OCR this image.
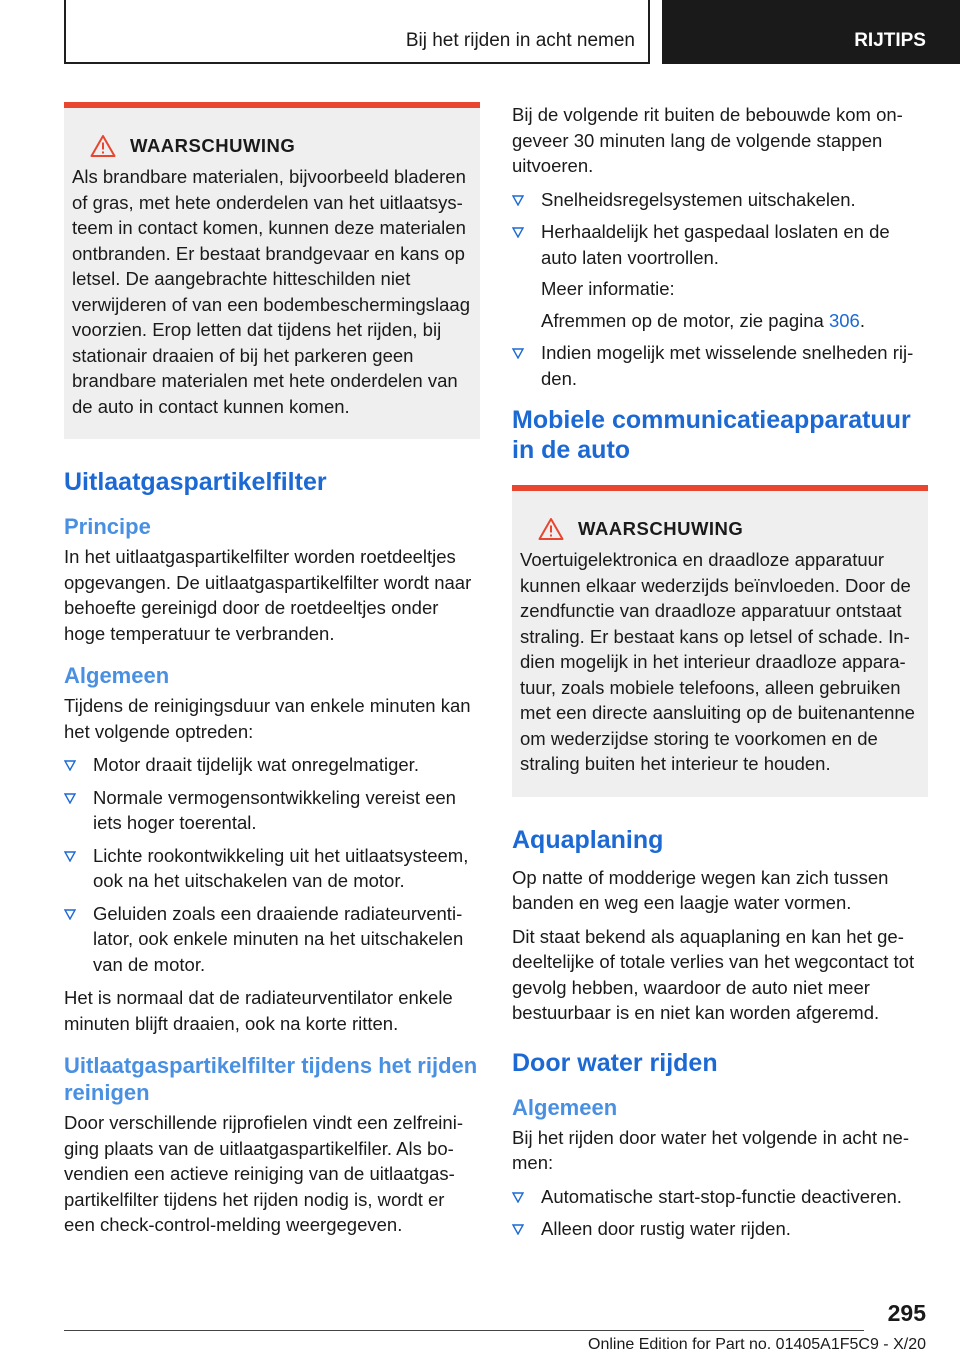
Bij het rijden in acht nemen	RIJTIPS
WAARSCHUWING

Als brandbare materialen, bijvoorbeeld bladeren of gras, met hete onderdelen van het uitlaatsysteem in contact komen, kunnen deze materialen ontbranden. Er bestaat brandgevaar en kans op letsel. De aangebrachte hitteschilden niet verwijderen of van een bodembeschermingslaag voorzien. Erop letten dat tijdens het rijden, bij stationair draaien of bij het parkeren geen brandbare materialen met hete onderdelen van de auto in contact kunnen komen.

Uitlaatgaspartikelfilter
Principe

In het uitlaatgaspartikelfilter worden roetdeeltjes opgevangen. De uitlaatgaspartikelfilter wordt naar behoefte gereinigd door de roetdeeltjes onder hoge temperatuur te verbranden.

Algemeen

Tijdens de reinigingsduur van enkele minuten kan het volgende optreden:

Motor draait tijdelijk wat onregelmatiger.
Normale vermogensontwikkeling vereist een iets hoger toerental.
Lichte rookontwikkeling uit het uitlaatsysteem, ook na het uitschakelen van de motor.
Geluiden zoals een draaiende radiateurventilator, ook enkele minuten na het uitschakelen van de motor.

Het is normaal dat de radiateurventilator enkele minuten blijft draaien, ook na korte ritten.

Uitlaatgaspartikelfilter tijdens het rijden reinigen

Door verschillende rijprofielen vindt een zelfreiniging plaats van de uitlaatgaspartikelfiler. Als bovendien een actieve reiniging van de uitlaatgaspartikelfilter tijdens het rijden nodig is, wordt er een check-control-melding weergegeven.

Bij de volgende rit buiten de bebouwde kom ongeveer 30 minuten lang de volgende stappen uitvoeren.

Snelheidsregelsystemen uitschakelen.
Herhaaldelijk het gaspedaal loslaten en de auto laten voortrollen.

Meer informatie:

Afremmen op de motor, zie pagina 306.

Indien mogelijk met wisselende snelheden rijden.
Mobiele communicatieapparatuur in de auto
WAARSCHUWING

Voertuigelektronica en draadloze apparatuur kunnen elkaar wederzijds beïnvloeden. Door de zendfunctie van draadloze apparatuur ontstaat straling. Er bestaat kans op letsel of schade. Indien mogelijk in het interieur draadloze apparatuur, zoals mobiele telefoons, alleen gebruiken met een directe aansluiting op de buitenantenne om wederzijdse storing te voorkomen en de straling buiten het interieur te houden.

Aquaplaning

Op natte of modderige wegen kan zich tussen banden en weg een laagje water vormen.

Dit staat bekend als aquaplaning en kan het gedeeltelijke of totale verlies van het wegcontact tot gevolg hebben, waardoor de auto niet meer bestuurbaar is en niet kan worden afgeremd.

Door water rijden
Algemeen

Bij het rijden door water het volgende in acht nemen:

Automatische start-stop-functie deactiveren.
Alleen door rustig water rijden.
295
Online Edition for Part no. 01405A1F5C9 - X/20
